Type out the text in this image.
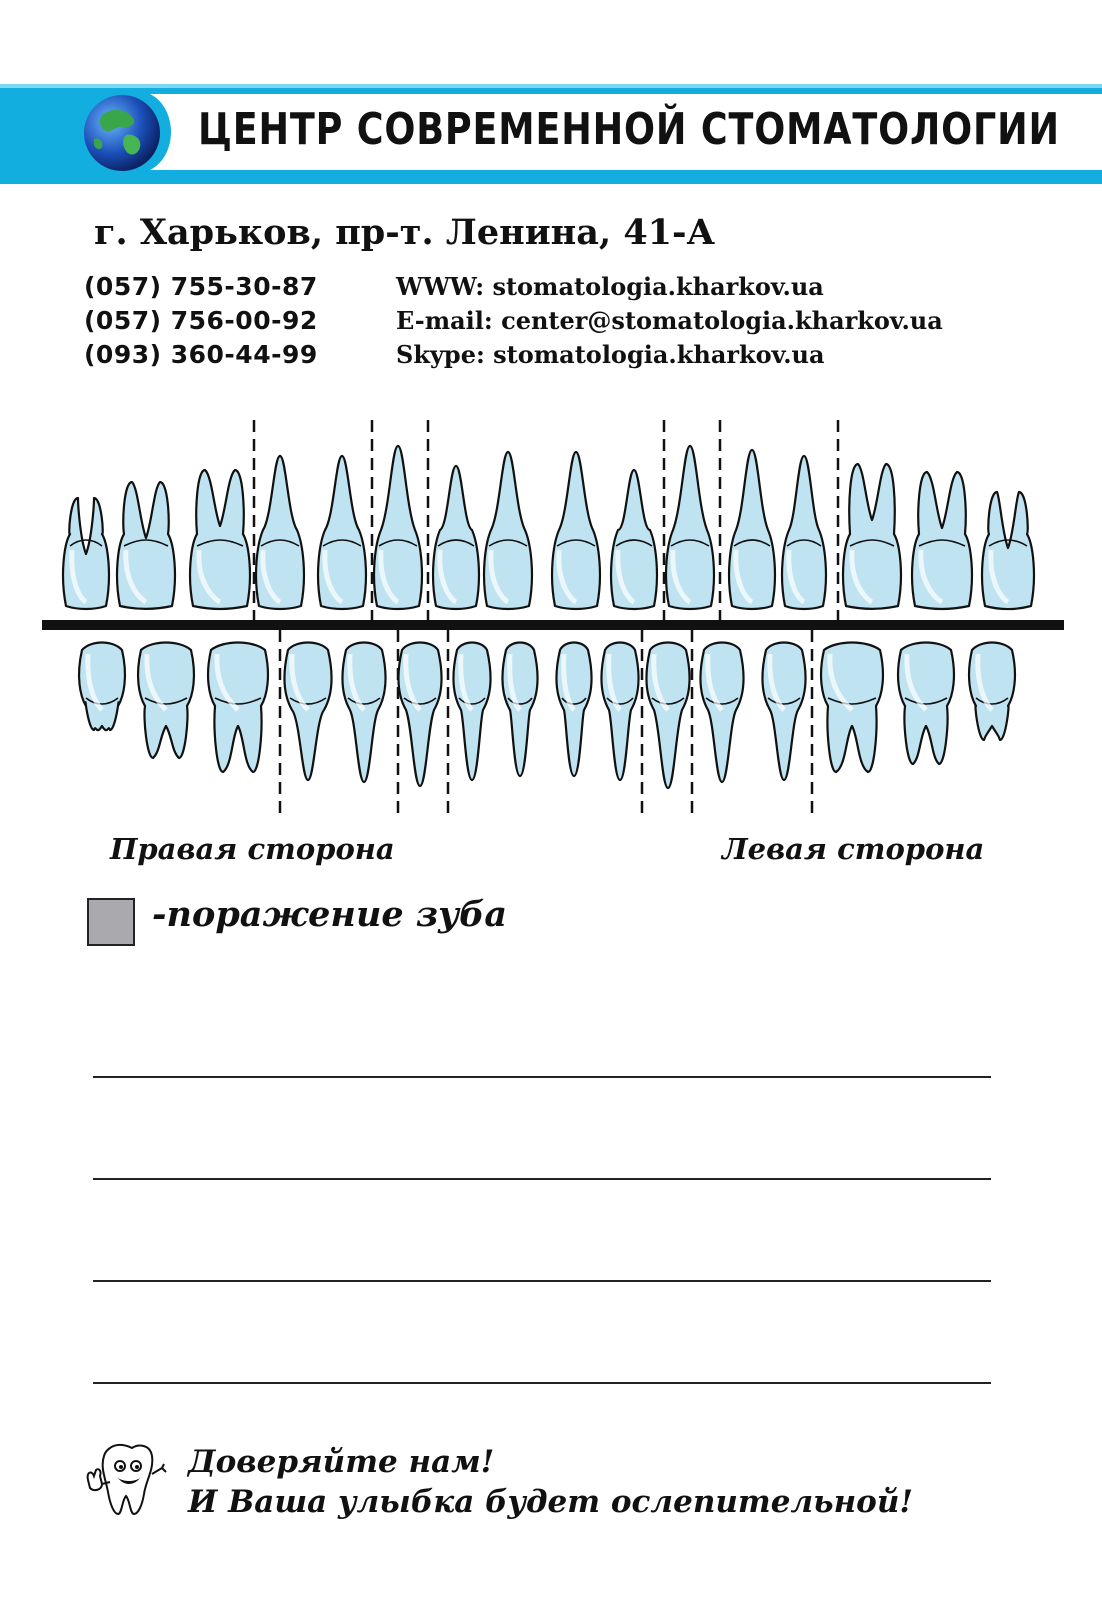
ЦЕНТР СОВРЕМЕННОЙ СТОМАТОЛОГИИ
г. Харьков, пр-т. Ленина, 41-А
(057) 755-30-87
(057) 756-00-92
(093) 360-44-99
WWW: stomatologia.kharkov.ua
E-mail: center@stomatologia.kharkov.ua
Skype: stomatologia.kharkov.ua
Правая сторона	Левая сторона
-поражение зуба
Доверяйте нам!
И Ваша улыбка будет ослепительной!
